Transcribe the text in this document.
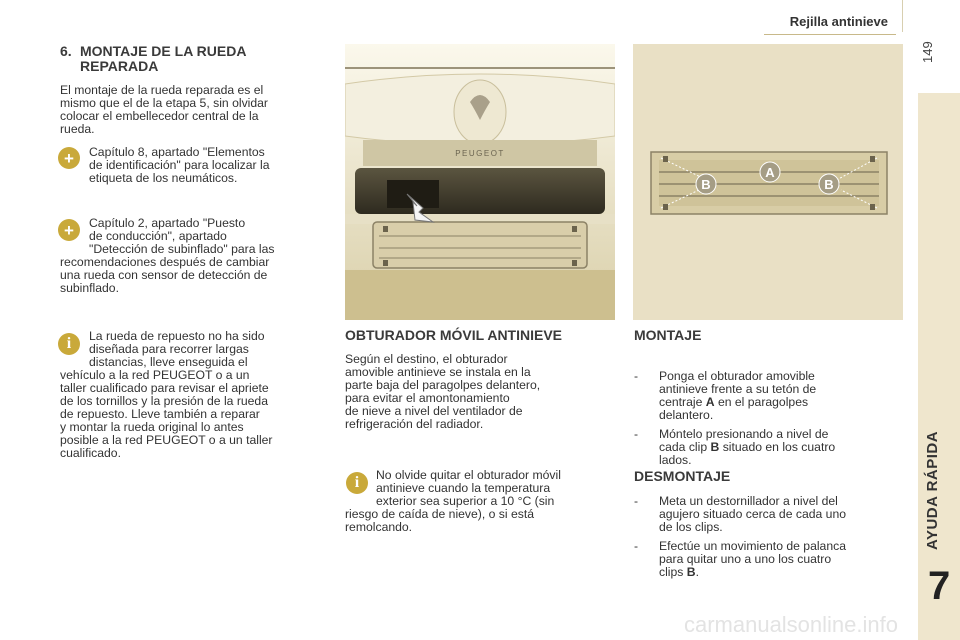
Rejilla antinieve
149
AYUDA RÁPIDA
7
6. MONTAJE DE LA RUEDA
REPARADA
El montaje de la rueda reparada es el
mismo que el de la etapa 5, sin olvidar
colocar el embellecedor central de la
rueda.
+	Capítulo 8, apartado "Elementos
de identificación" para localizar la
etiqueta de los neumáticos.
+	Capítulo 2, apartado "Puesto
de conducción", apartado
"Detección de subinflado" para las
recomendaciones después de cambiar
una rueda con sensor de detección de
subinflado.
i	La rueda de repuesto no ha sido
diseñada para recorrer largas
distancias, lleve enseguida el
vehículo a la red PEUGEOT o a un
taller cualificado para revisar el apriete
de los tornillos y la presión de la rueda
de repuesto. Lleve también a reparar
y montar la rueda original lo antes
posible a la red PEUGEOT o a un taller
cualificado.
PEUGEOT
OBTURADOR MÓVIL ANTINIEVE
Según el destino, el obturador
amovible antinieve se instala en la
parte baja del paragolpes delantero,
para evitar el amontonamiento
de nieve a nivel del ventilador de
refrigeración del radiador.
i	No olvide quitar el obturador móvil
antinieve cuando la temperatura
exterior sea superior a 10 °C (sin
riesgo de caída de nieve), o si está
remolcando.
A
B	B
MONTAJE
- Ponga el obturador amovible
antinieve frente a su tetón de
centraje A en el paragolpes
delantero.
- Móntelo presionando a nivel de
cada clip B situado en los cuatro
lados.
DESMONTAJE
- Meta un destornillador a nivel del
agujero situado cerca de cada uno
de los clips.
- Efectúe un movimiento de palanca
para quitar uno a uno los cuatro
clips B.
carmanualsonline.info
